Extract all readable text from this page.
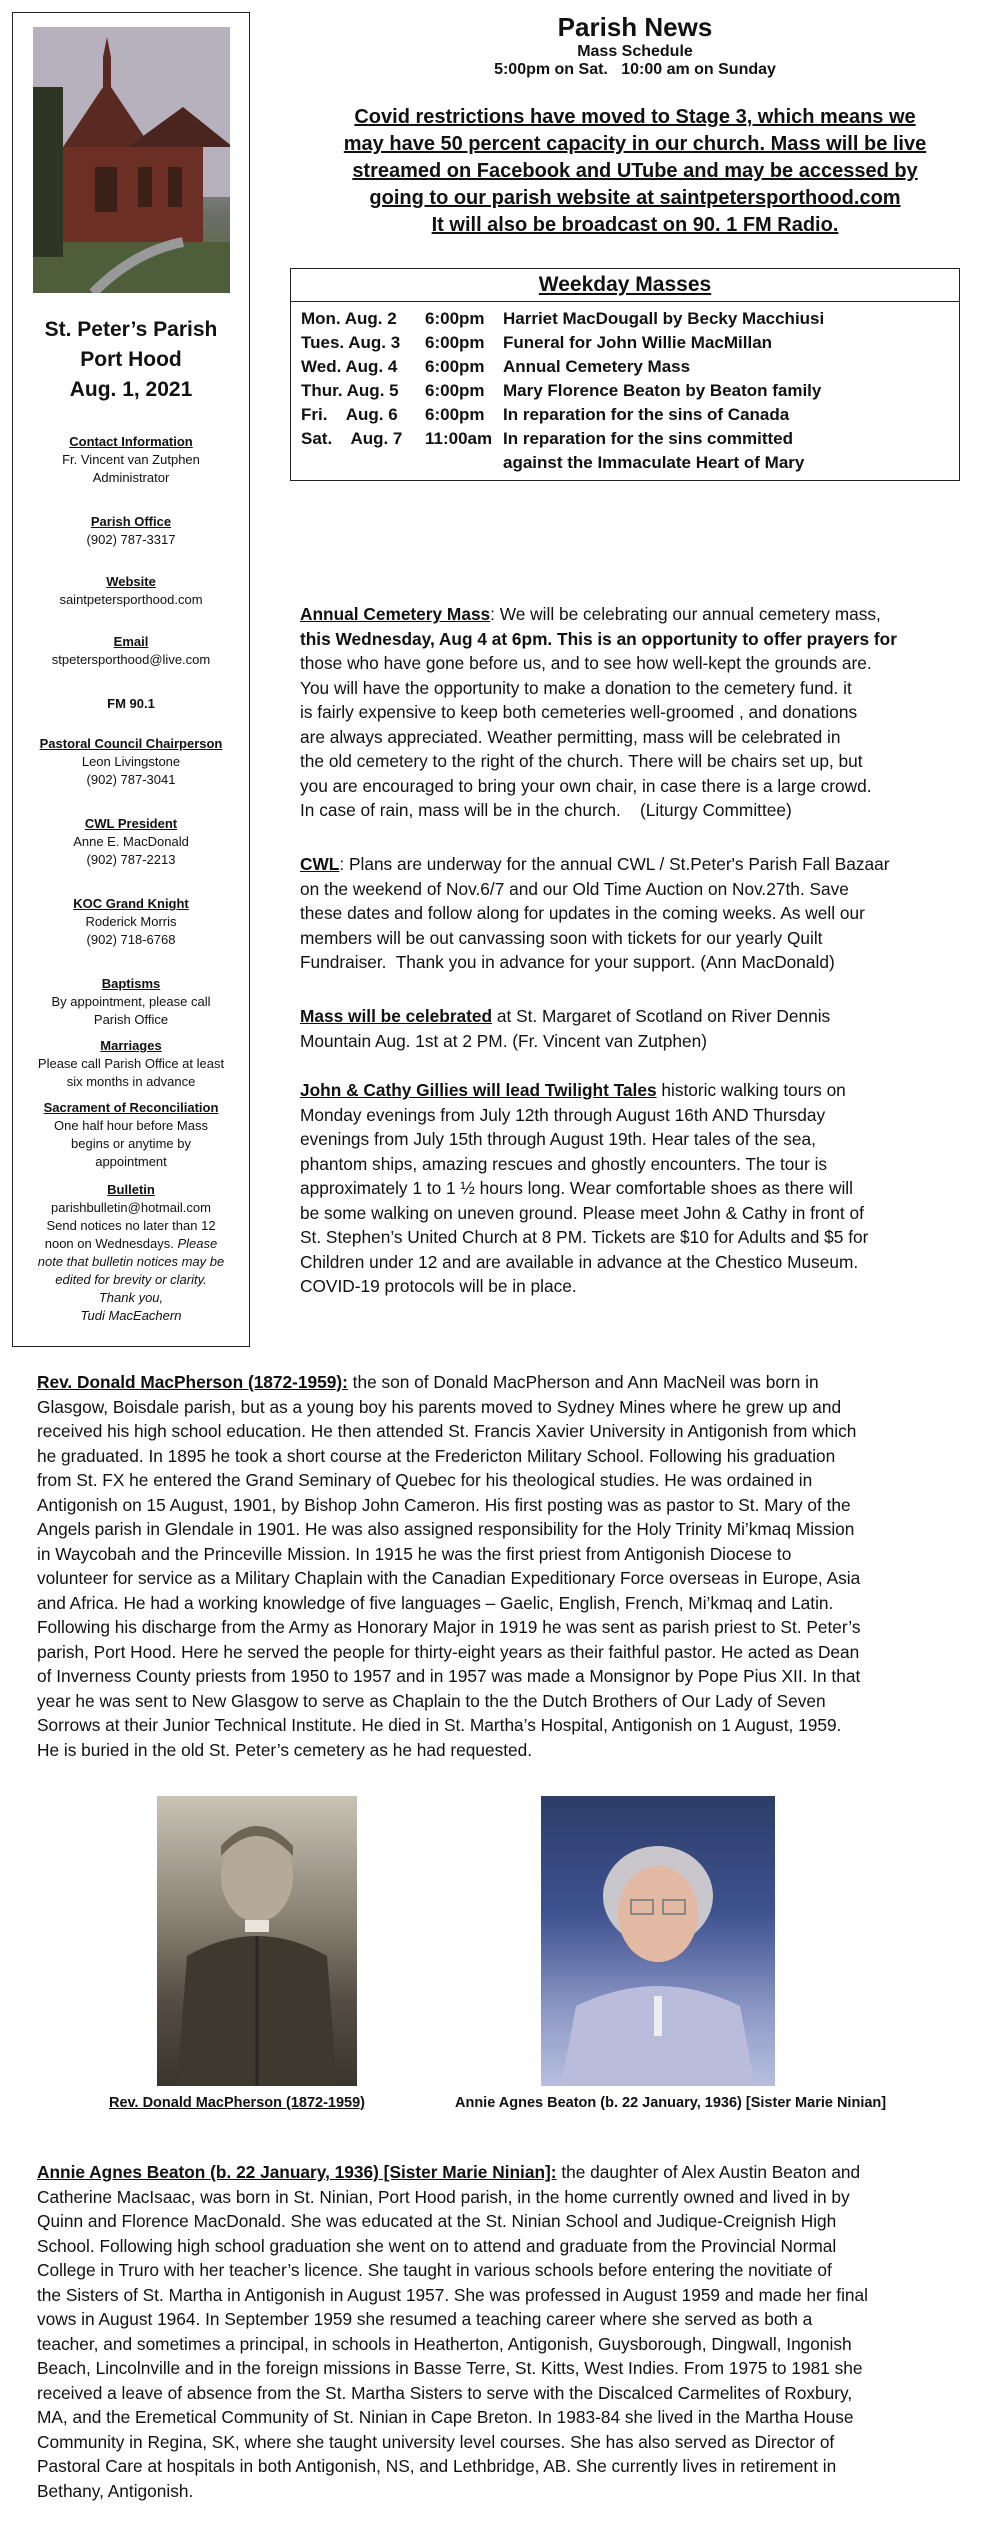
St. Peter’s Parish
Port Hood
Aug. 1, 2021
Contact Information
Fr. Vincent van Zutphen
Administrator
Parish Office
(902) 787-3317
Website
saintpetersporthood.com
Email
stpetersporthood@live.com
FM 90.1
Pastoral Council Chairperson
Leon Livingstone
(902) 787-3041
CWL President
Anne E. MacDonald
(902) 787-2213
KOC Grand Knight
Roderick Morris
(902) 718-6768
Baptisms
By appointment, please call
Parish Office
Marriages
Please call Parish Office at least
six months in advance
Sacrament of Reconciliation
One half hour before Mass
begins or anytime by
appointment
Bulletin
parishbulletin@hotmail.com
Send notices no later than 12
noon on Wednesdays. Please
note that bulletin notices may be
edited for brevity or clarity.
Thank you,
Tudi MacEachern
Parish News
Mass Schedule
5:00pm on Sat.   10:00 am on Sunday
Covid restrictions have moved to Stage 3, which means we
may have 50 percent capacity in our church. Mass will be live
streamed on Facebook and UTube and may be accessed by
going to our parish website at saintpetersporthood.com
It will also be broadcast on 90. 1 FM Radio.
Weekday Masses
Mon. Aug. 2 6:00pm Harriet MacDougall by Becky Macchiusi
Tues. Aug. 3 6:00pm Funeral for John Willie MacMillan
Wed. Aug. 4 6:00pm Annual Cemetery Mass
Thur. Aug. 5 6:00pm Mary Florence Beaton by Beaton family
Fri.    Aug. 6 6:00pm In reparation for the sins of Canada
Sat.    Aug. 7 11:00am In reparation for the sins committed
against the Immaculate Heart of Mary
Annual Cemetery Mass: We will be celebrating our annual cemetery mass,
this Wednesday, Aug 4 at 6pm. This is an opportunity to offer prayers for
those who have gone before us, and to see how well-kept the grounds are.
You will have the opportunity to make a donation to the cemetery fund. it
is fairly expensive to keep both cemeteries well-groomed , and donations
are always appreciated. Weather permitting, mass will be celebrated in
the old cemetery to the right of the church. There will be chairs set up, but
you are encouraged to bring your own chair, in case there is a large crowd.
In case of rain, mass will be in the church.    (Liturgy Committee)
CWL: Plans are underway for the annual CWL / St.Peter's Parish Fall Bazaar
on the weekend of Nov.6/7 and our Old Time Auction on Nov.27th. Save
these dates and follow along for updates in the coming weeks. As well our
members will be out canvassing soon with tickets for our yearly Quilt
Fundraiser.  Thank you in advance for your support. (Ann MacDonald)
Mass will be celebrated at St. Margaret of Scotland on River Dennis
Mountain Aug. 1st at 2 PM. (Fr. Vincent van Zutphen)
John & Cathy Gillies will lead Twilight Tales historic walking tours on
Monday evenings from July 12th through August 16th AND Thursday
evenings from July 15th through August 19th. Hear tales of the sea,
phantom ships, amazing rescues and ghostly encounters. The tour is
approximately 1 to 1 ½ hours long. Wear comfortable shoes as there will
be some walking on uneven ground. Please meet John & Cathy in front of
St. Stephen’s United Church at 8 PM. Tickets are $10 for Adults and $5 for
Children under 12 and are available in advance at the Chestico Museum.
COVID-19 protocols will be in place.
Rev. Donald MacPherson (1872-1959): the son of Donald MacPherson and Ann MacNeil was born in
Glasgow, Boisdale parish, but as a young boy his parents moved to Sydney Mines where he grew up and
received his high school education. He then attended St. Francis Xavier University in Antigonish from which
he graduated. In 1895 he took a short course at the Fredericton Military School. Following his graduation
from St. FX he entered the Grand Seminary of Quebec for his theological studies. He was ordained in
Antigonish on 15 August, 1901, by Bishop John Cameron. His first posting was as pastor to St. Mary of the
Angels parish in Glendale in 1901. He was also assigned responsibility for the Holy Trinity Mi’kmaq Mission
in Waycobah and the Princeville Mission. In 1915 he was the first priest from Antigonish Diocese to
volunteer for service as a Military Chaplain with the Canadian Expeditionary Force overseas in Europe, Asia
and Africa. He had a working knowledge of five languages – Gaelic, English, French, Mi’kmaq and Latin.
Following his discharge from the Army as Honorary Major in 1919 he was sent as parish priest to St. Peter’s
parish, Port Hood. Here he served the people for thirty-eight years as their faithful pastor. He acted as Dean
of Inverness County priests from 1950 to 1957 and in 1957 was made a Monsignor by Pope Pius XII. In that
year he was sent to New Glasgow to serve as Chaplain to the the Dutch Brothers of Our Lady of Seven
Sorrows at their Junior Technical Institute. He died in St. Martha’s Hospital, Antigonish on 1 August, 1959.
He is buried in the old St. Peter’s cemetery as he had requested.
Rev. Donald MacPherson (1872-1959)	Annie Agnes Beaton (b. 22 January, 1936) [Sister Marie Ninian]
Annie Agnes Beaton (b. 22 January, 1936) [Sister Marie Ninian]: the daughter of Alex Austin Beaton and
Catherine MacIsaac, was born in St. Ninian, Port Hood parish, in the home currently owned and lived in by
Quinn and Florence MacDonald. She was educated at the St. Ninian School and Judique-Creignish High
School. Following high school graduation she went on to attend and graduate from the Provincial Normal
College in Truro with her teacher’s licence. She taught in various schools before entering the novitiate of
the Sisters of St. Martha in Antigonish in August 1957. She was professed in August 1959 and made her final
vows in August 1964. In September 1959 she resumed a teaching career where she served as both a
teacher, and sometimes a principal, in schools in Heatherton, Antigonish, Guysborough, Dingwall, Ingonish
Beach, Lincolnville and in the foreign missions in Basse Terre, St. Kitts, West Indies. From 1975 to 1981 she
received a leave of absence from the St. Martha Sisters to serve with the Discalced Carmelites of Roxbury,
MA, and the Eremetical Community of St. Ninian in Cape Breton. In 1983-84 she lived in the Martha House
Community in Regina, SK, where she taught university level courses. She has also served as Director of
Pastoral Care at hospitals in both Antigonish, NS, and Lethbridge, AB. She currently lives in retirement in
Bethany, Antigonish.
